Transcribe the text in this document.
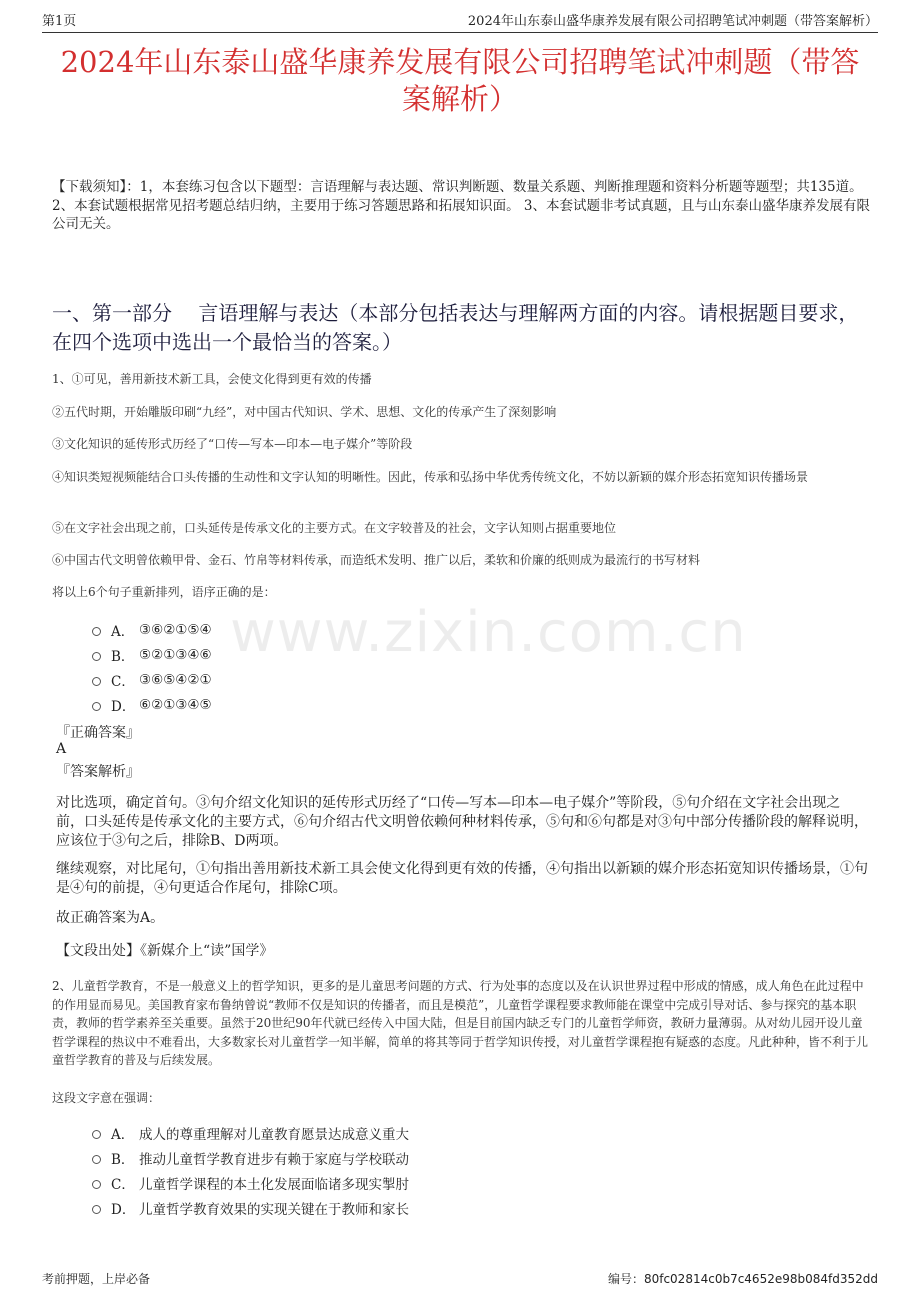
第1页	2024年山东泰山盛华康养发展有限公司招聘笔试冲刺题（带答案解析）
2024年山东泰山盛华康养发展有限公司招聘笔试冲刺题（带答
案解析）
【下载须知】：1，本套练习包含以下题型：言语理解与表达题、常识判断题、数量关系题、判断推理题和资料分析题等题型；共135道。 2、本套试题根据常见招考题总结归纳，主要用于练习答题思路和拓展知识面。 3、本套试题非考试真题，且与山东泰山盛华康养发展有限公司无关。
一、第一部分　 言语理解与表达（本部分包括表达与理解两方面的内容。请根据题目要求，在四个选项中选出一个最恰当的答案。）
1、①可见，善用新技术新工具，会使文化得到更有效的传播
②五代时期，开始雕版印刷“九经”，对中国古代知识、学术、思想、文化的传承产生了深刻影响
③文化知识的延传形式历经了“口传—写本—印本—电子媒介”等阶段
④知识类短视频能结合口头传播的生动性和文字认知的明晰性。因此，传承和弘扬中华优秀传统文化，不妨以新颖的媒介形态拓宽知识传播场景
⑤在文字社会出现之前，口头延传是传承文化的主要方式。在文字较普及的社会，文字认知则占据重要地位
⑥中国古代文明曾依赖甲骨、金石、竹帛等材料传承，而造纸术发明、推广以后，柔软和价廉的纸则成为最流行的书写材料
将以上6个句子重新排列，语序正确的是：
A． ③⑥②①⑤④
B． ⑤②①③④⑥
C． ③⑥⑤④②①
D． ⑥②①③④⑤
『正确答案』
A
『答案解析』
对比选项，确定首句。③句介绍文化知识的延传形式历经了“口传—写本—印本—电子媒介”等阶段，⑤句介绍在文字社会出现之前，口头延传是传承文化的主要方式，⑥句介绍古代文明曾依赖何种材料传承，⑤句和⑥句都是对③句中部分传播阶段的解释说明，应该位于③句之后，排除B、D两项。
继续观察，对比尾句，①句指出善用新技术新工具会使文化得到更有效的传播，④句指出以新颖的媒介形态拓宽知识传播场景，①句是④句的前提，④句更适合作尾句，排除C项。
故正确答案为A。
【文段出处】《新媒介上“读”国学》
2、儿童哲学教育，不是一般意义上的哲学知识，更多的是儿童思考问题的方式、行为处事的态度以及在认识世界过程中形成的情感，成人角色在此过程中的作用显而易见。美国教育家布鲁纳曾说“教师不仅是知识的传播者，而且是模范”，儿童哲学课程要求教师能在课堂中完成引导对话、参与探究的基本职责，教师的哲学素养至关重要。虽然于20世纪90年代就已经传入中国大陆，但是目前国内缺乏专门的儿童哲学师资，教研力量薄弱。从对幼儿园开设儿童哲学课程的热议中不难看出，大多数家长对儿童哲学一知半解，简单的将其等同于哲学知识传授，对儿童哲学课程抱有疑惑的态度。凡此种种，皆不利于儿童哲学教育的普及与后续发展。
这段文字意在强调：
A． 成人的尊重理解对儿童教育愿景达成意义重大
B． 推动儿童哲学教育进步有赖于家庭与学校联动
C． 儿童哲学课程的本土化发展面临诸多现实掣肘
D． 儿童哲学教育效果的实现关键在于教师和家长
www.zixin.com.cn
考前押题，上岸必备	编号：80fc02814c0b7c4652e98b084fd352dd
